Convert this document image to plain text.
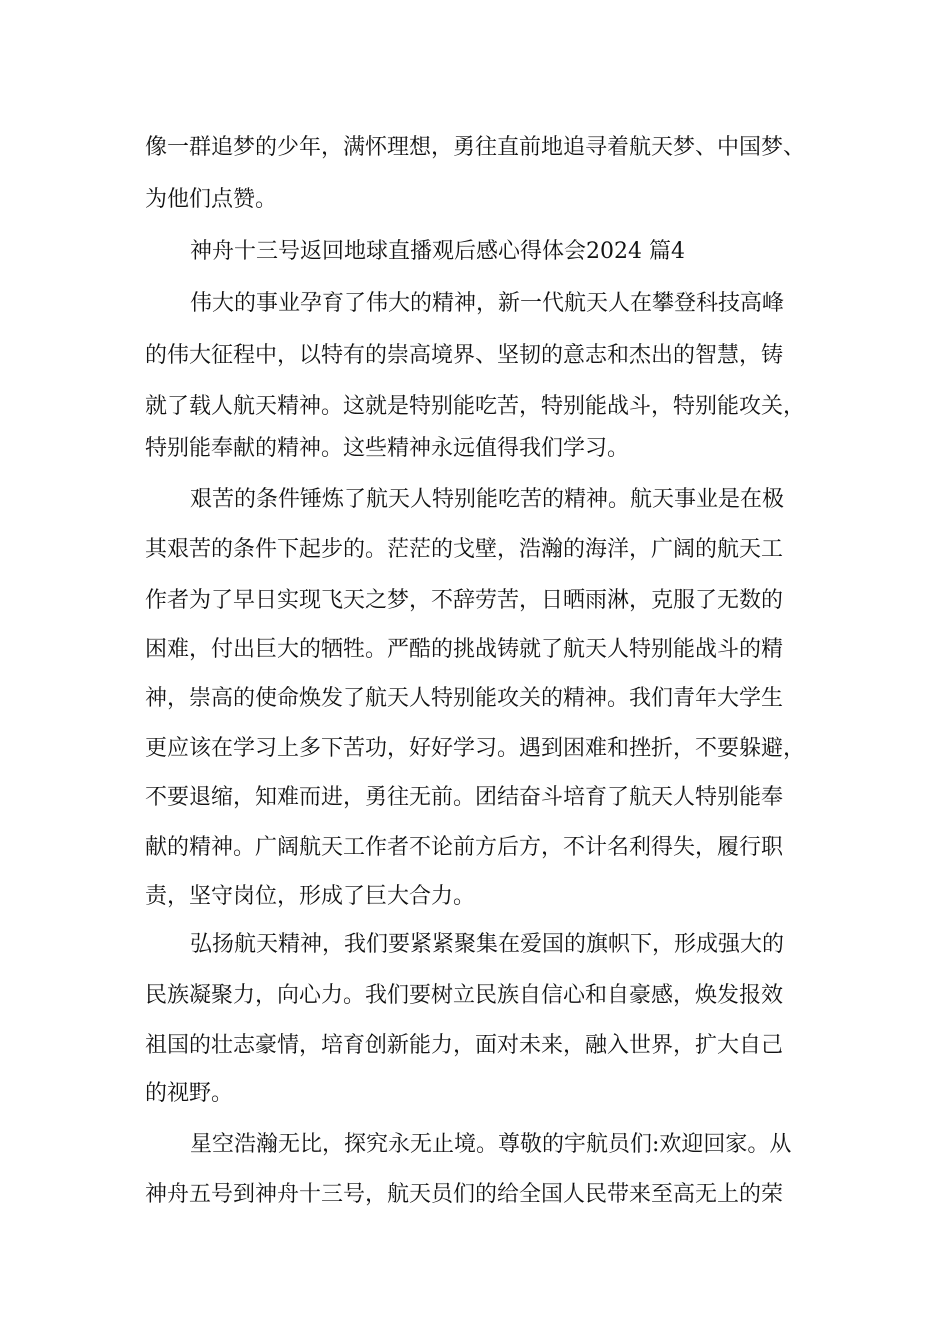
像一群追梦的少年，满怀理想，勇往直前地追寻着航天梦、中国梦、
为他们点赞。
神舟十三号返回地球直播观后感心得体会2024 篇4
伟大的事业孕育了伟大的精神，新一代航天人在攀登科技高峰
的伟大征程中，以特有的崇高境界、坚韧的意志和杰出的智慧，铸
就了载人航天精神。这就是特别能吃苦，特别能战斗，特别能攻关，
特别能奉献的精神。这些精神永远值得我们学习。
艰苦的条件锤炼了航天人特别能吃苦的精神。航天事业是在极
其艰苦的条件下起步的。茫茫的戈壁，浩瀚的海洋，广阔的航天工
作者为了早日实现飞天之梦，不辞劳苦，日晒雨淋，克服了无数的
困难，付出巨大的牺牲。严酷的挑战铸就了航天人特别能战斗的精
神，崇高的使命焕发了航天人特别能攻关的精神。我们青年大学生
更应该在学习上多下苦功，好好学习。遇到困难和挫折，不要躲避，
不要退缩，知难而进，勇往无前。团结奋斗培育了航天人特别能奉
献的精神。广阔航天工作者不论前方后方，不计名利得失，履行职
责，坚守岗位，形成了巨大合力。
弘扬航天精神，我们要紧紧聚集在爱国的旗帜下，形成强大的
民族凝聚力，向心力。我们要树立民族自信心和自豪感，焕发报效
祖国的壮志豪情，培育创新能力，面对未来，融入世界，扩大自己
的视野。
星空浩瀚无比，探究永无止境。尊敬的宇航员们:欢迎回家。从
神舟五号到神舟十三号，航天员们的给全国人民带来至高无上的荣
